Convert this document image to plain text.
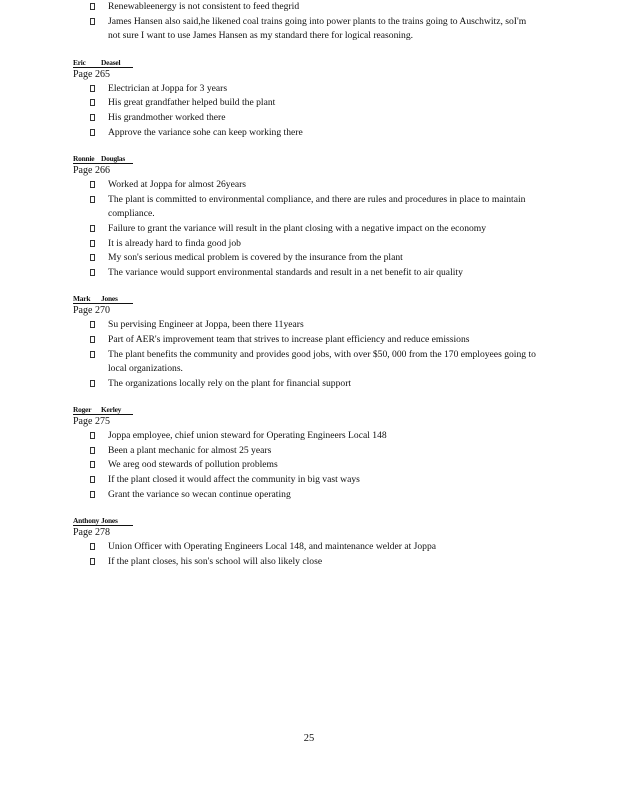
Renewableenergy is not consistent to feed thegrid
James Hansen also said,he likened coal trains going into power plants to the trains going to Auschwitz, soI'm not sure I want to use James Hansen as my standard there for logical reasoning.
Eric Deasel
Page 265
Electrician at Joppa for 3 years
His great grandfather helped build the plant
His grandmother worked there
Approve the variance sohe can keep working there
Ronnie Douglas
Page 266
Worked at Joppa for almost 26years
The plant is committed to environmental compliance, and there are rules and procedures in place to maintain compliance.
Failure to grant the variance will result in the plant closing with a negative impact on the economy
It is already hard to finda good job
My son's serious medical problem is covered by the insurance from the plant
The variance would support environmental standards and result in a net benefit to air quality
Mark Jones
Page 270
Su pervising Engineer at Joppa, been there 11years
Part of AER's improvement team that strives to increase plant efficiency and reduce emissions
The plant benefits the community and provides good jobs, with over $50, 000 from the 170 employees going to local organizations.
The organizations locally rely on the plant for financial support
Roger Kerley
Page 275
Joppa employee, chief union steward for Operating Engineers Local 148
Been a plant mechanic for almost 25 years
We areg ood stewards of pollution problems
If the plant closed it would affect the community in big vast ways
Grant the variance so wecan continue operating
Anthony Jones
Page 278
Union Officer with Operating Engineers Local 148, and maintenance welder at Joppa
If the plant closes, his son's school will also likely close
25
